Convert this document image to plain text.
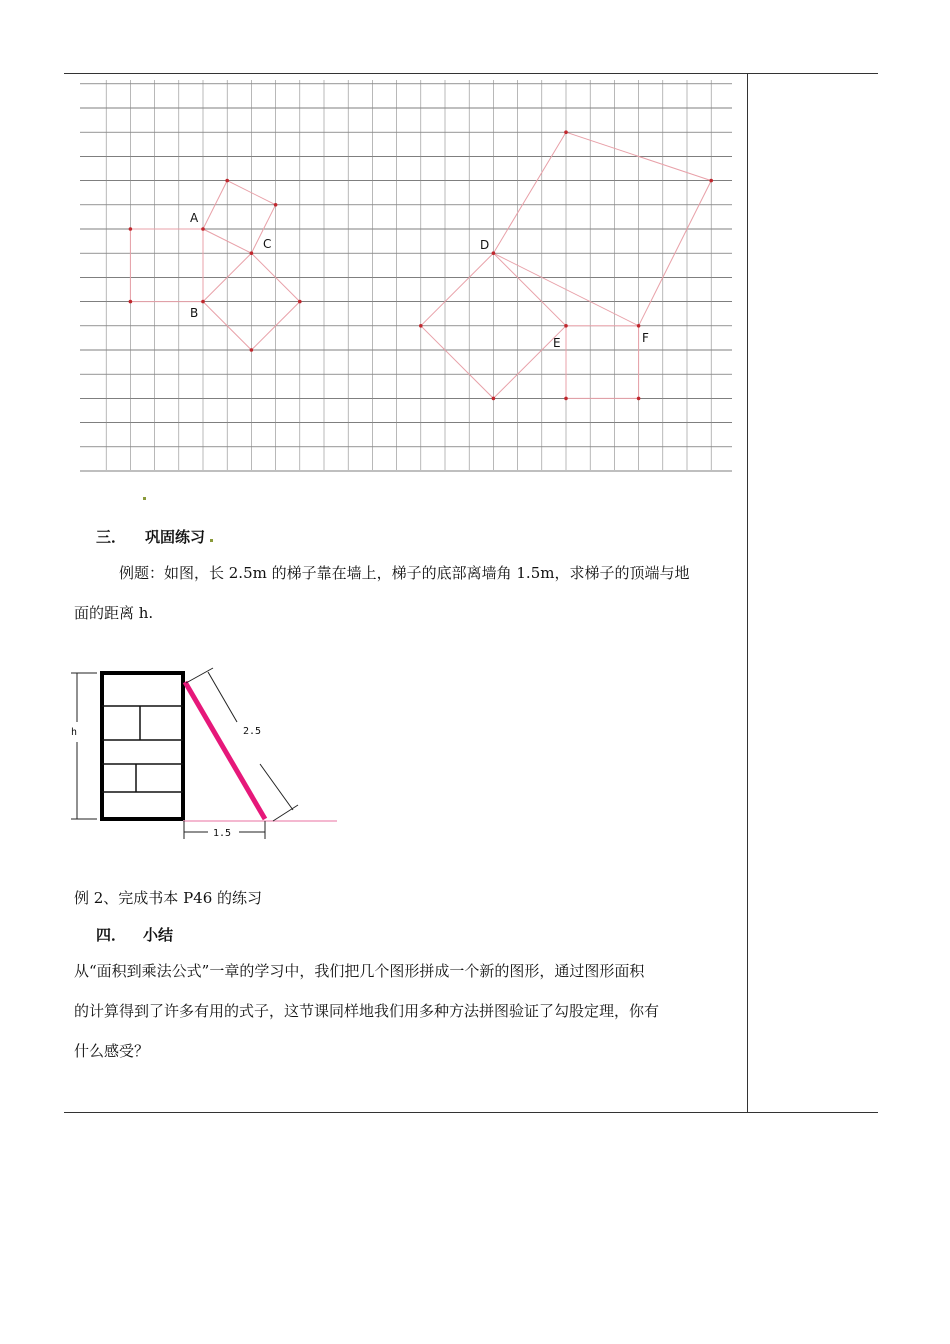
A
B
C	D
E	F
三． 巩固练习
例题：如图，长 2.5m 的梯子靠在墙上，梯子的底部离墙角 1.5m，求梯子的顶端与地
面的距离 h.
h	2.5
1.5
例 2、完成书本 P46 的练习
四． 小结
从“面积到乘法公式”一章的学习中，我们把几个图形拼成一个新的图形，通过图形面积
的计算得到了许多有用的式子，这节课同样地我们用多种方法拼图验证了勾股定理，你有
什么感受？
